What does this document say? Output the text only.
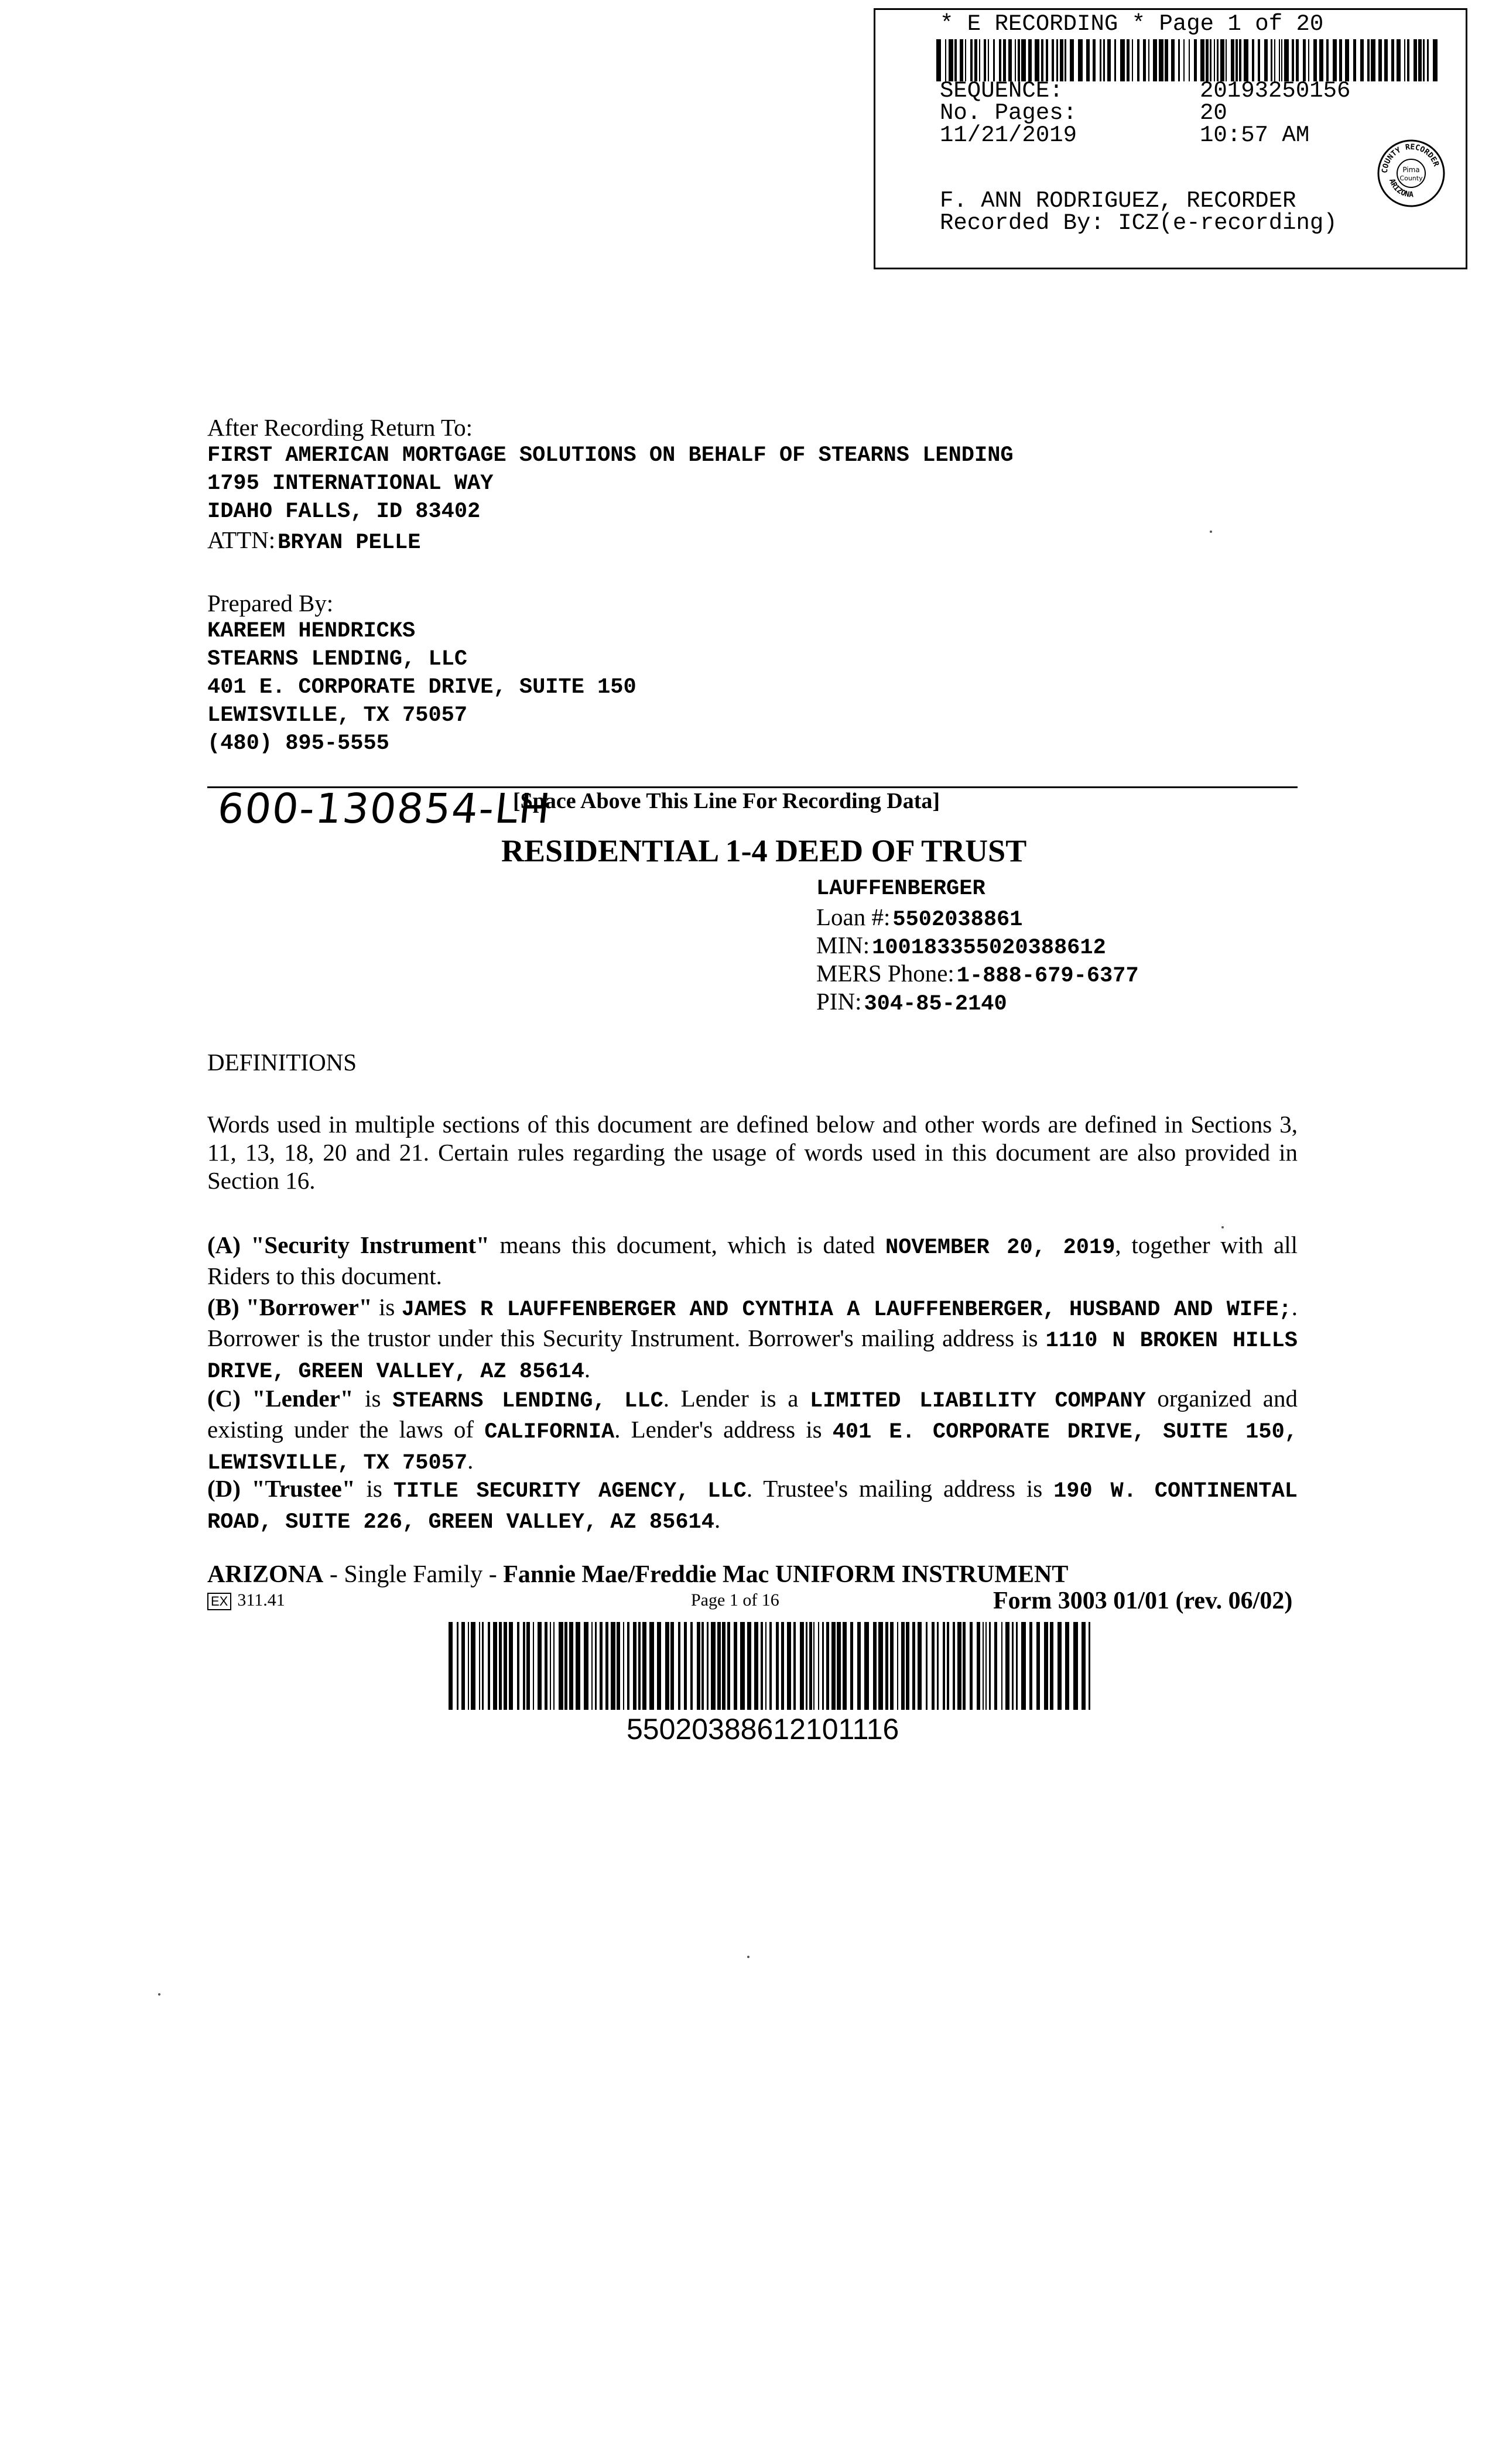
* E RECORDING * Page 1 of 20
SEQUENCE:	20193250156
No. Pages:	20
11/21/2019	10:57 AM
F. ANN RODRIGUEZ, RECORDER
Recorded By: ICZ(e-recording)
COUNTY RECORDER
ARIZONA
Pima
County
After Recording Return To:
FIRST AMERICAN MORTGAGE SOLUTIONS ON BEHALF OF STEARNS LENDING
1795 INTERNATIONAL WAY
IDAHO FALLS, ID 83402
ATTN: BRYAN PELLE
Prepared By:
KAREEM HENDRICKS
STEARNS LENDING, LLC
401 E. CORPORATE DRIVE, SUITE 150
LEWISVILLE, TX 75057
(480) 895-5555
600-130854-LH
[Space Above This Line For Recording Data]
RESIDENTIAL 1-4 DEED OF TRUST
LAUFFENBERGER
Loan #: 5502038861
MIN: 100183355020388612
MERS Phone: 1-888-679-6377
PIN: 304-85-2140
DEFINITIONS
Words used in multiple sections of this document are defined below and other words are defined in Sections 3, 11, 13, 18, 20 and 21. Certain rules regarding the usage of words used in this document are also provided in Section 16.
(A) "Security Instrument" means this document, which is dated NOVEMBER 20, 2019, together with all Riders to this document.
(B) "Borrower" is JAMES R LAUFFENBERGER AND CYNTHIA A LAUFFENBERGER, HUSBAND AND WIFE;. Borrower is the trustor under this Security Instrument. Borrower's mailing address is 1110 N BROKEN HILLS DRIVE, GREEN VALLEY, AZ 85614.
(C) "Lender" is STEARNS LENDING, LLC. Lender is a LIMITED LIABILITY COMPANY organized and existing under the laws of CALIFORNIA. Lender's address is 401 E. CORPORATE DRIVE, SUITE 150, LEWISVILLE, TX 75057.
(D) "Trustee" is TITLE SECURITY AGENCY, LLC. Trustee's mailing address is 190 W. CONTINENTAL ROAD, SUITE 226, GREEN VALLEY, AZ 85614.
ARIZONA - Single Family - Fannie Mae/Freddie Mac UNIFORM INSTRUMENT
EX 311.41	Page 1 of 16	Form 3003 01/01 (rev. 06/02)
55020388612101116
